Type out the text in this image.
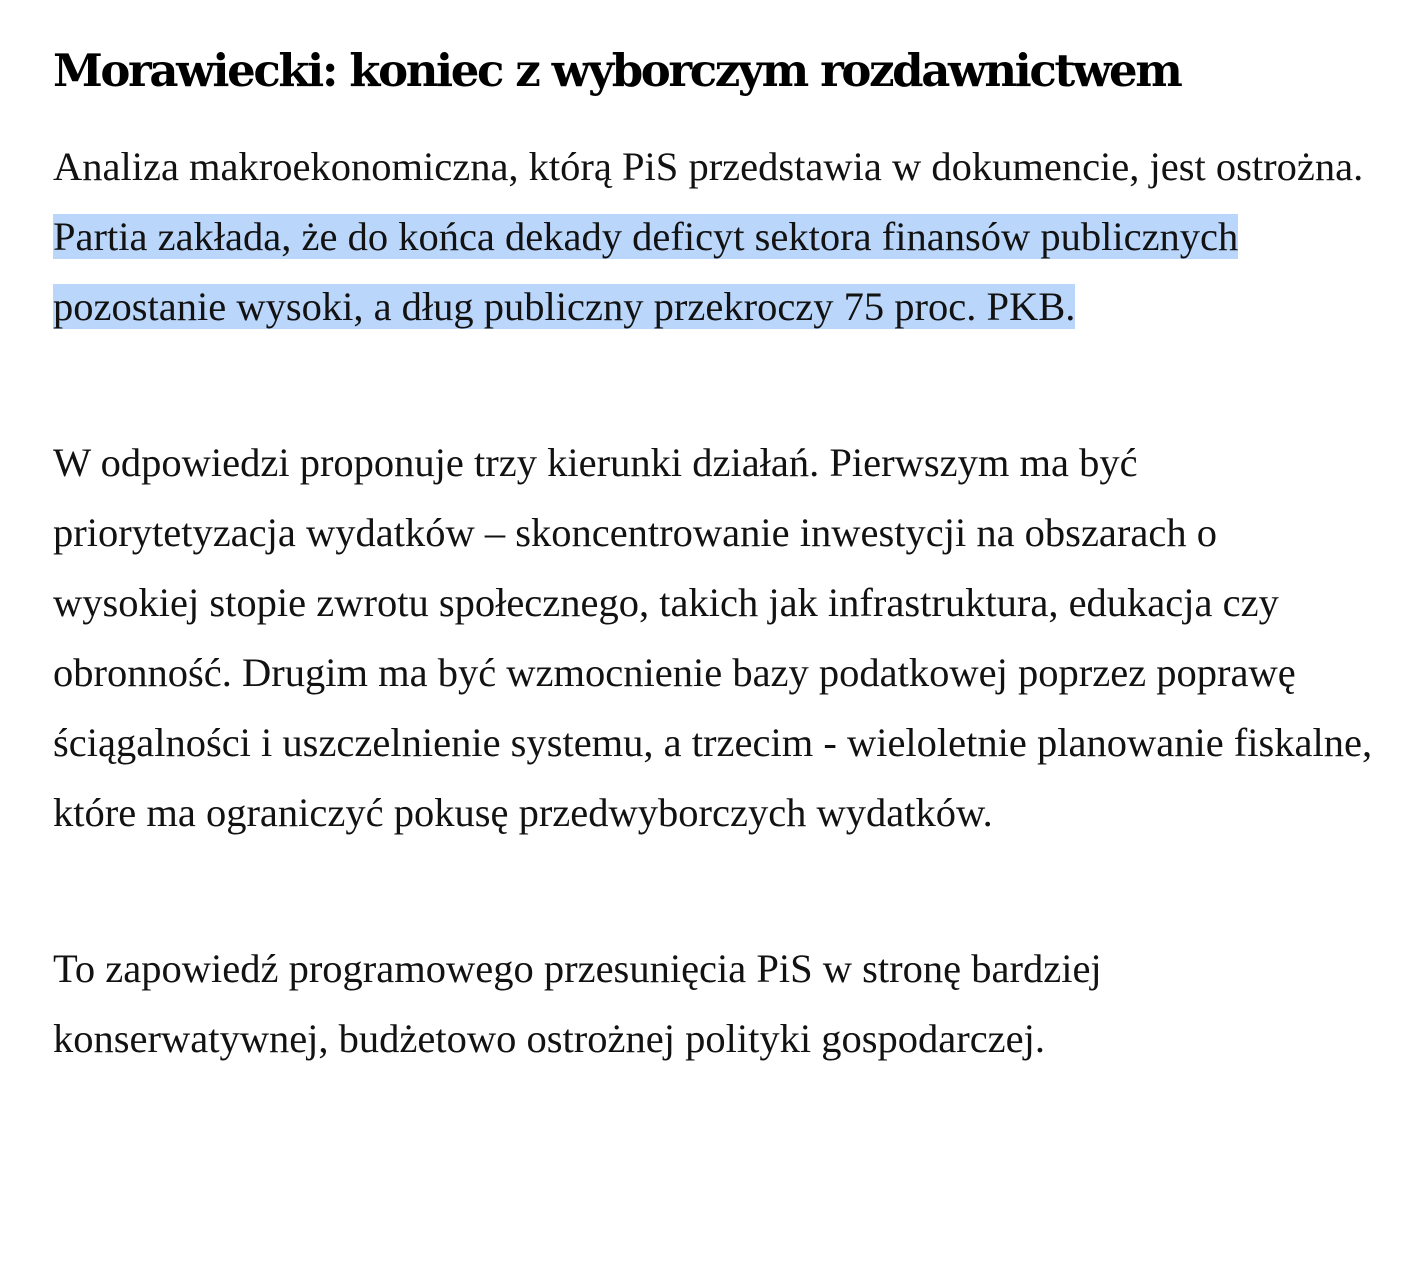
Morawiecki: koniec z wyborczym rozdawnictwem

Analiza makroekonomiczna, którą PiS przedstawia w dokumencie, jest ostrożna. Partia zakłada, że do końca dekady deficyt sektora finansów publicznych pozostanie wysoki, a dług publiczny przekroczy 75 proc. PKB.

W odpowiedzi proponuje trzy kierunki działań. Pierwszym ma być priorytetyzacja wydatków – skoncentrowanie inwestycji na obszarach o wysokiej stopie zwrotu społecznego, takich jak infrastruktura, edukacja czy obronność. Drugim ma być wzmocnienie bazy podatkowej poprzez poprawę ściągalności i uszczelnienie systemu, a trzecim - wieloletnie planowanie fiskalne, które ma ograniczyć pokusę przedwyborczych wydatków.

To zapowiedź programowego przesunięcia PiS w stronę bardziej konserwatywnej, budżetowo ostrożnej polityki gospodarczej.
